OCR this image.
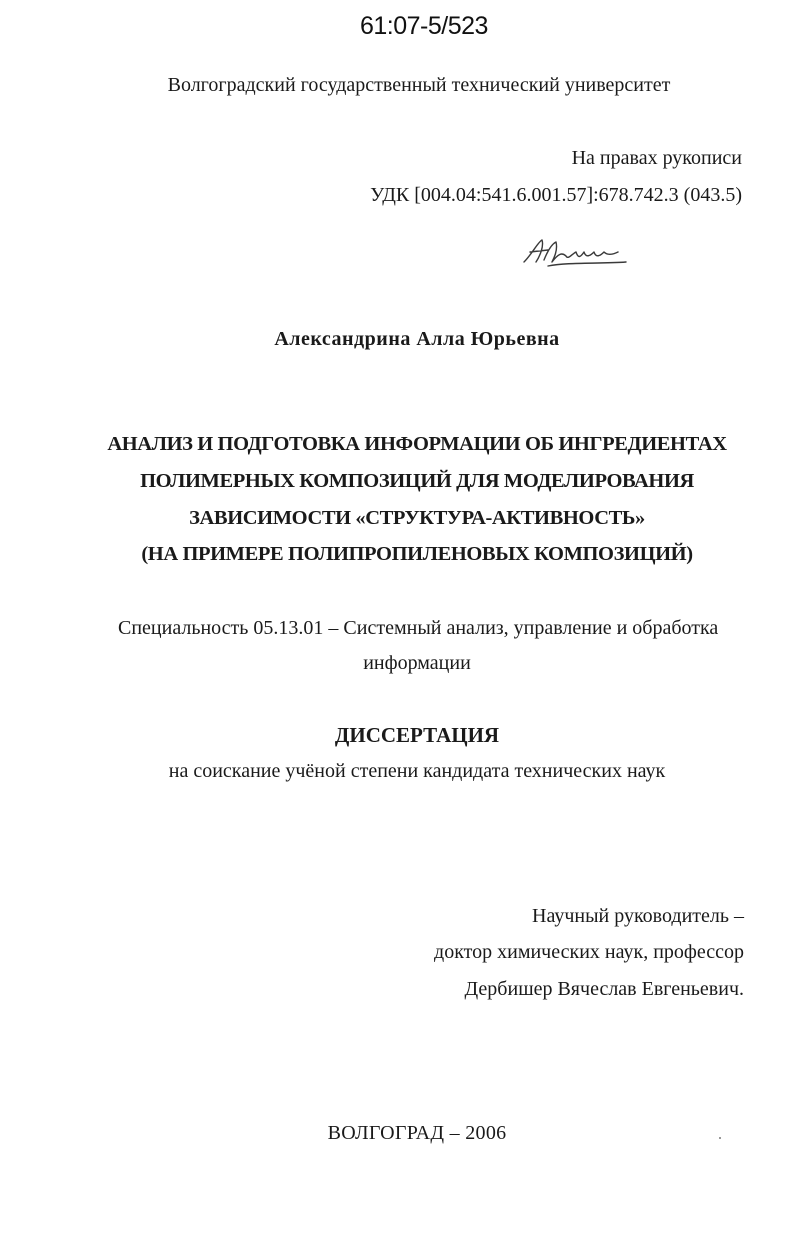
61:07-5/523
Волгоградский государственный технический университет
На правах рукописи
УДК [004.04:541.6.001.57]:678.742.3 (043.5)
Александрина Алла Юрьевна
АНАЛИЗ И ПОДГОТОВКА ИНФОРМАЦИИ ОБ ИНГРЕДИЕНТАХ
ПОЛИМЕРНЫХ КОМПОЗИЦИЙ ДЛЯ МОДЕЛИРОВАНИЯ
ЗАВИСИМОСТИ «СТРУКТУРА-АКТИВНОСТЬ»
(НА ПРИМЕРЕ ПОЛИПРОПИЛЕНОВЫХ КОМПОЗИЦИЙ)
Специальность 05.13.01 – Системный анализ, управление и обработка
информации
ДИССЕРТАЦИЯ
на соискание учёной степени кандидата технических наук
Научный руководитель –
доктор химических наук, профессор
Дербишер Вячеслав Евгеньевич.
ВОЛГОГРАД – 2006
